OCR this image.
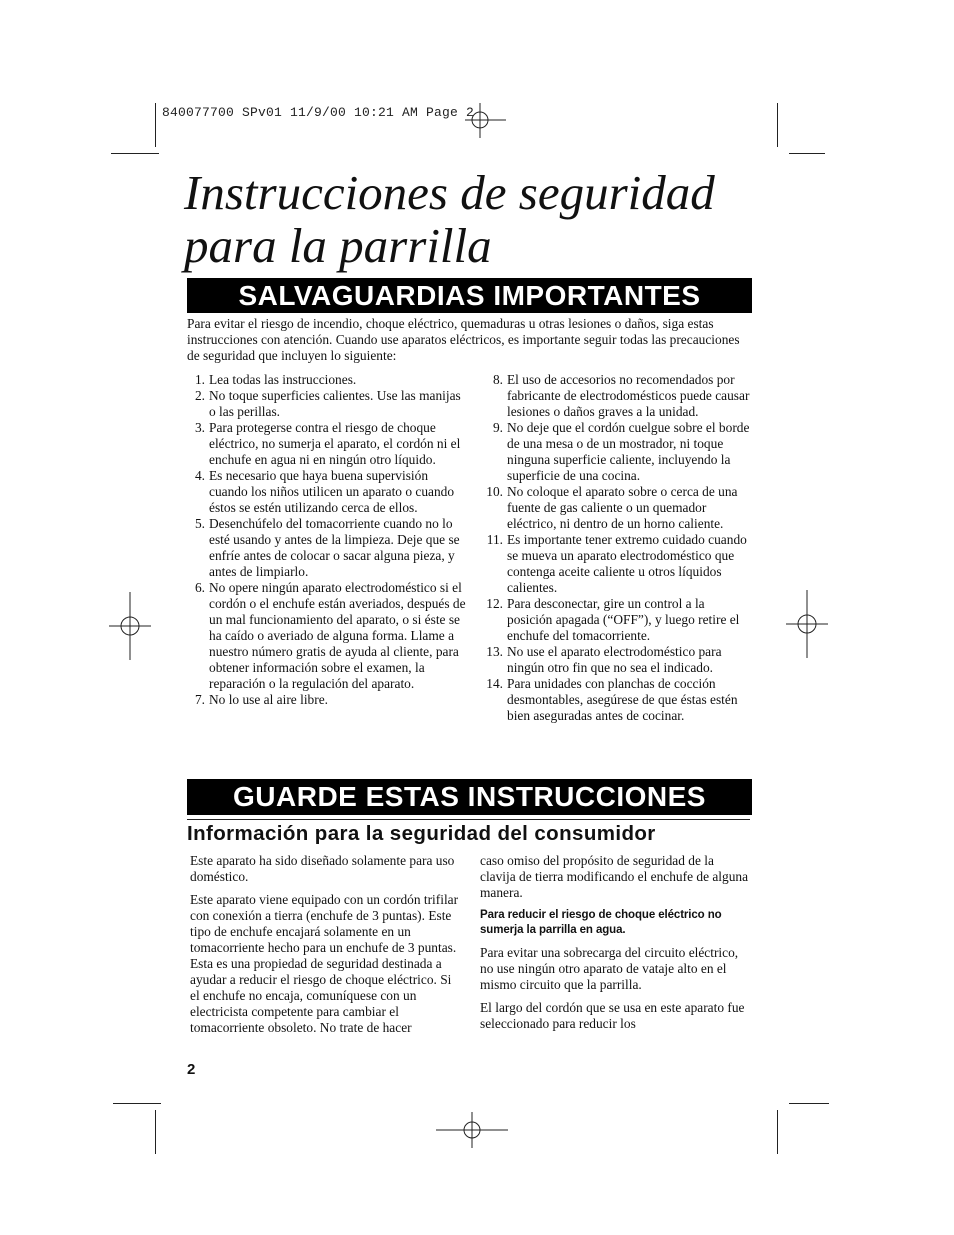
840077700 SPv01 11/9/00 10:21 AM Page 2
Instrucciones de seguridad
para la parrilla
SALVAGUARDIAS IMPORTANTES

Para evitar el riesgo de incendio, choque eléctrico, quemaduras u otras lesiones o daños, siga estas instrucciones con atención. Cuando use aparatos eléctricos, es importante seguir todas las precauciones de seguridad que incluyen lo siguiente:

1. Lea todas las instrucciones.
2. No toque superficies calientes. Use las manijas o las perillas.
3. Para protegerse contra el riesgo de choque eléctrico, no sumerja el aparato, el cordón ni el enchufe en agua ni en ningún otro líquido.
4. Es necesario que haya buena supervisión cuando los niños utilicen un aparato o cuando éstos se estén utilizando cerca de ellos.
5. Desenchúfelo del tomacorriente cuando no lo esté usando y antes de la limpieza. Deje que se enfríe antes de colocar o sacar alguna pieza, y antes de limpiarlo.
6. No opere ningún aparato electrodoméstico si el cordón o el enchufe están averiados, después de un mal funcionamiento del aparato, o si éste se ha caído o averiado de alguna forma. Llame a nuestro número gratis de ayuda al cliente, para obtener información sobre el examen, la reparación o la regulación del aparato.
7. No lo use al aire libre.
8. El uso de accesorios no recomendados por fabricante de electrodomésticos puede causar lesiones o daños graves a la unidad.
9. No deje que el cordón cuelgue sobre el borde de una mesa o de un mostrador, ni toque ninguna superficie caliente, incluyendo la superficie de una cocina.
10. No coloque el aparato sobre o cerca de una fuente de gas caliente o un quemador eléctrico, ni dentro de un horno caliente.
11. Es importante tener extremo cuidado cuando se mueva un aparato electrodoméstico que contenga aceite caliente u otros líquidos calientes.
12. Para desconectar, gire un control a la posición apagada (“OFF”), y luego retire el enchufe del tomacorriente.
13. No use el aparato electrodoméstico para ningún otro fin que no sea el indicado.
14. Para unidades con planchas de cocción desmontables, asegúrese de que éstas estén bien aseguradas antes de cocinar.
GUARDE ESTAS INSTRUCCIONES
Información para la seguridad del consumidor

Este aparato ha sido diseñado solamente para uso doméstico.

Este aparato viene equipado con un cordón trifilar con conexión a tierra (enchufe de 3 puntas). Este tipo de enchufe encajará solamente en un tomacorriente hecho para un enchufe de 3 puntas. Esta es una propiedad de seguridad destinada a ayudar a reducir el riesgo de choque eléctrico. Si el enchufe no encaja, comuníquese con un electricista competente para cambiar el tomacorriente obsoleto. No trate de hacer

caso omiso del propósito de seguridad de la clavija de tierra modificando el enchufe de alguna manera.

Para reducir el riesgo de choque eléctrico no sumerja la parrilla en agua.

Para evitar una sobrecarga del circuito eléctrico, no use ningún otro aparato de vataje alto en el mismo circuito que la parrilla.

El largo del cordón que se usa en este aparato fue seleccionado para reducir los

2
